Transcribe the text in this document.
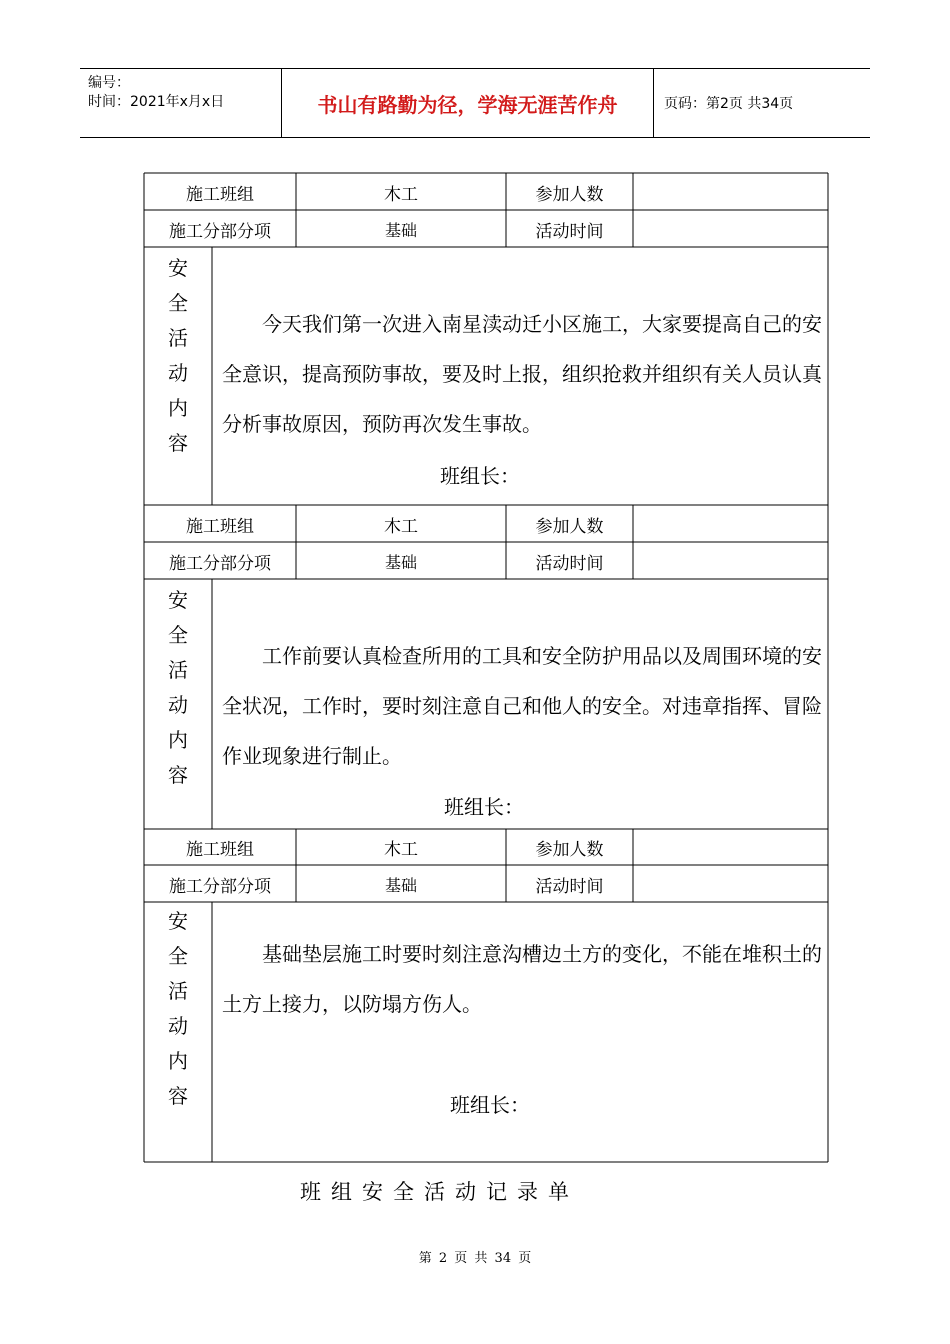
编号：
时间：2021年x月x日	书山有路勤为径，学海无涯苦作舟	页码：第2页 共34页
施工班组	木工	参加人数
施工分部分项	基础	活动时间
安
全
活
动
内
容

今天我们第一次进入南星渎动迁小区施工，大家要提高自己的安全意识，提高预防事故，要及时上报，组织抢救并组织有关人员认真分析事故原因，预防再次发生事故。

班组长：
施工班组	木工	参加人数
施工分部分项	基础	活动时间
安
全
活
动
内
容

工作前要认真检查所用的工具和安全防护用品以及周围环境的安全状况，工作时，要时刻注意自己和他人的安全。对违章指挥、冒险作业现象进行制止。

班组长：
施工班组	木工	参加人数
施工分部分项	基础	活动时间
安
全
活
动
内
容

基础垫层施工时要时刻注意沟槽边土方的变化，不能在堆积土的土方上接力，以防塌方伤人。

班组长：
班组安全活动记录单
第 2 页 共 34 页
